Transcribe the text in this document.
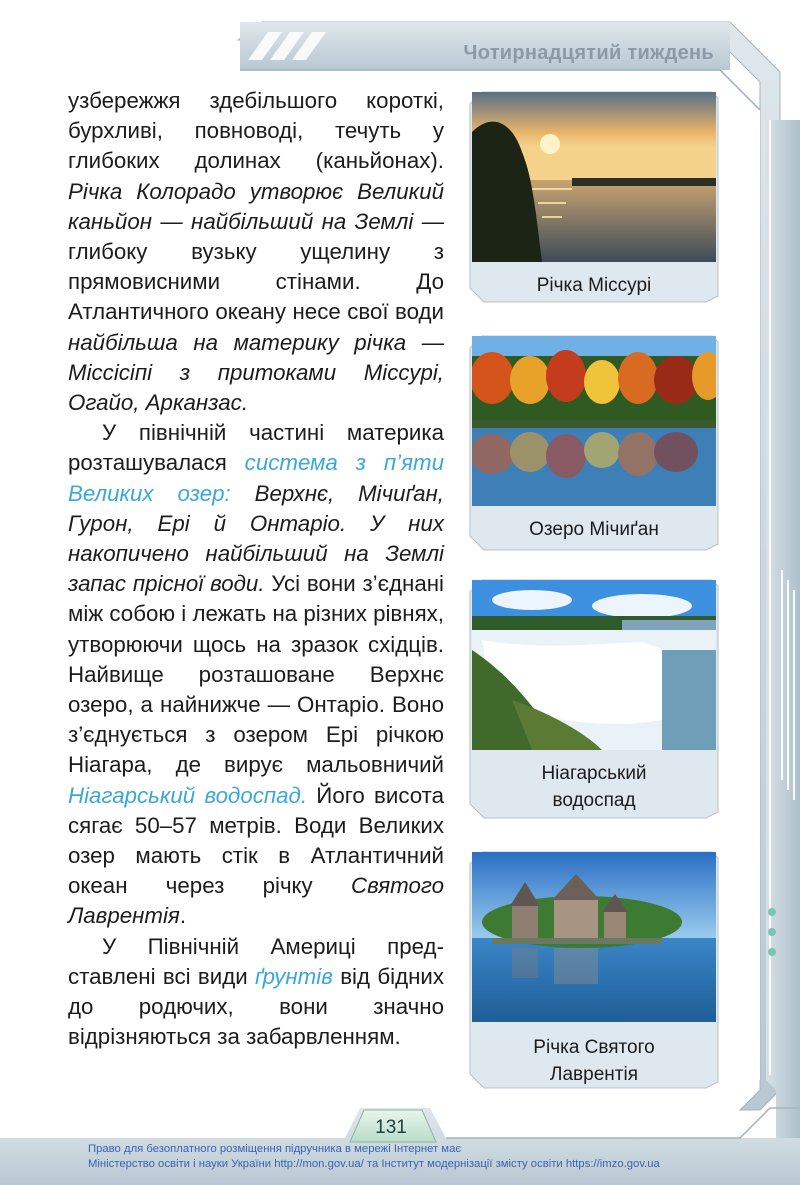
Чотирнадцятий тиждень

узбережжя здебільшого короткі, бурхливі, повноводі, течуть у глибоких долинах (каньйонах). Річка Колорадо утворює Великий каньйон — найбільший на Землі — глибоку вузьку ущелину з прямовисними стінами. До Атлантичного океану несе свої води найбільша на материку річка — Міссісіпі з притоками Міссурі, Огайо, Арканзас.

У північній частині материка розташувалася система з п’яти Великих озер: Верхнє, Мічиґан, Гурон, Ері й Онтаріо. У них накопичено найбільший на Землі запас прісної води. Усі вони з’єднані між собою і лежать на різних рівнях, утворюючи щось на зразок східців. Найвище розташоване Верхнє озеро, а найнижче — Онтаріо. Воно з’єднується з озером Ері річкою Ніагара, де вирує мальовничий Ніагарський водоспад. Його висота сягає 50–57 метрів. Води Великих озер мають стік в Атлантичний океан через річку Святого Лаврентія.

У Північній Америці представлені всі види ґрунтів від бідних до родючих, вони значно відрізняються за забарвленням.

Річка Міссурі
Озеро Мічиґан
Ніагарський
водоспад
Річка Святого
Лаврентія
131
Право для безоплатного розміщення підручника в мережі Інтернет має
Міністерство освіти і науки України http://mon.gov.ua/ та Інститут модернізації змісту освіти https://imzo.gov.ua
